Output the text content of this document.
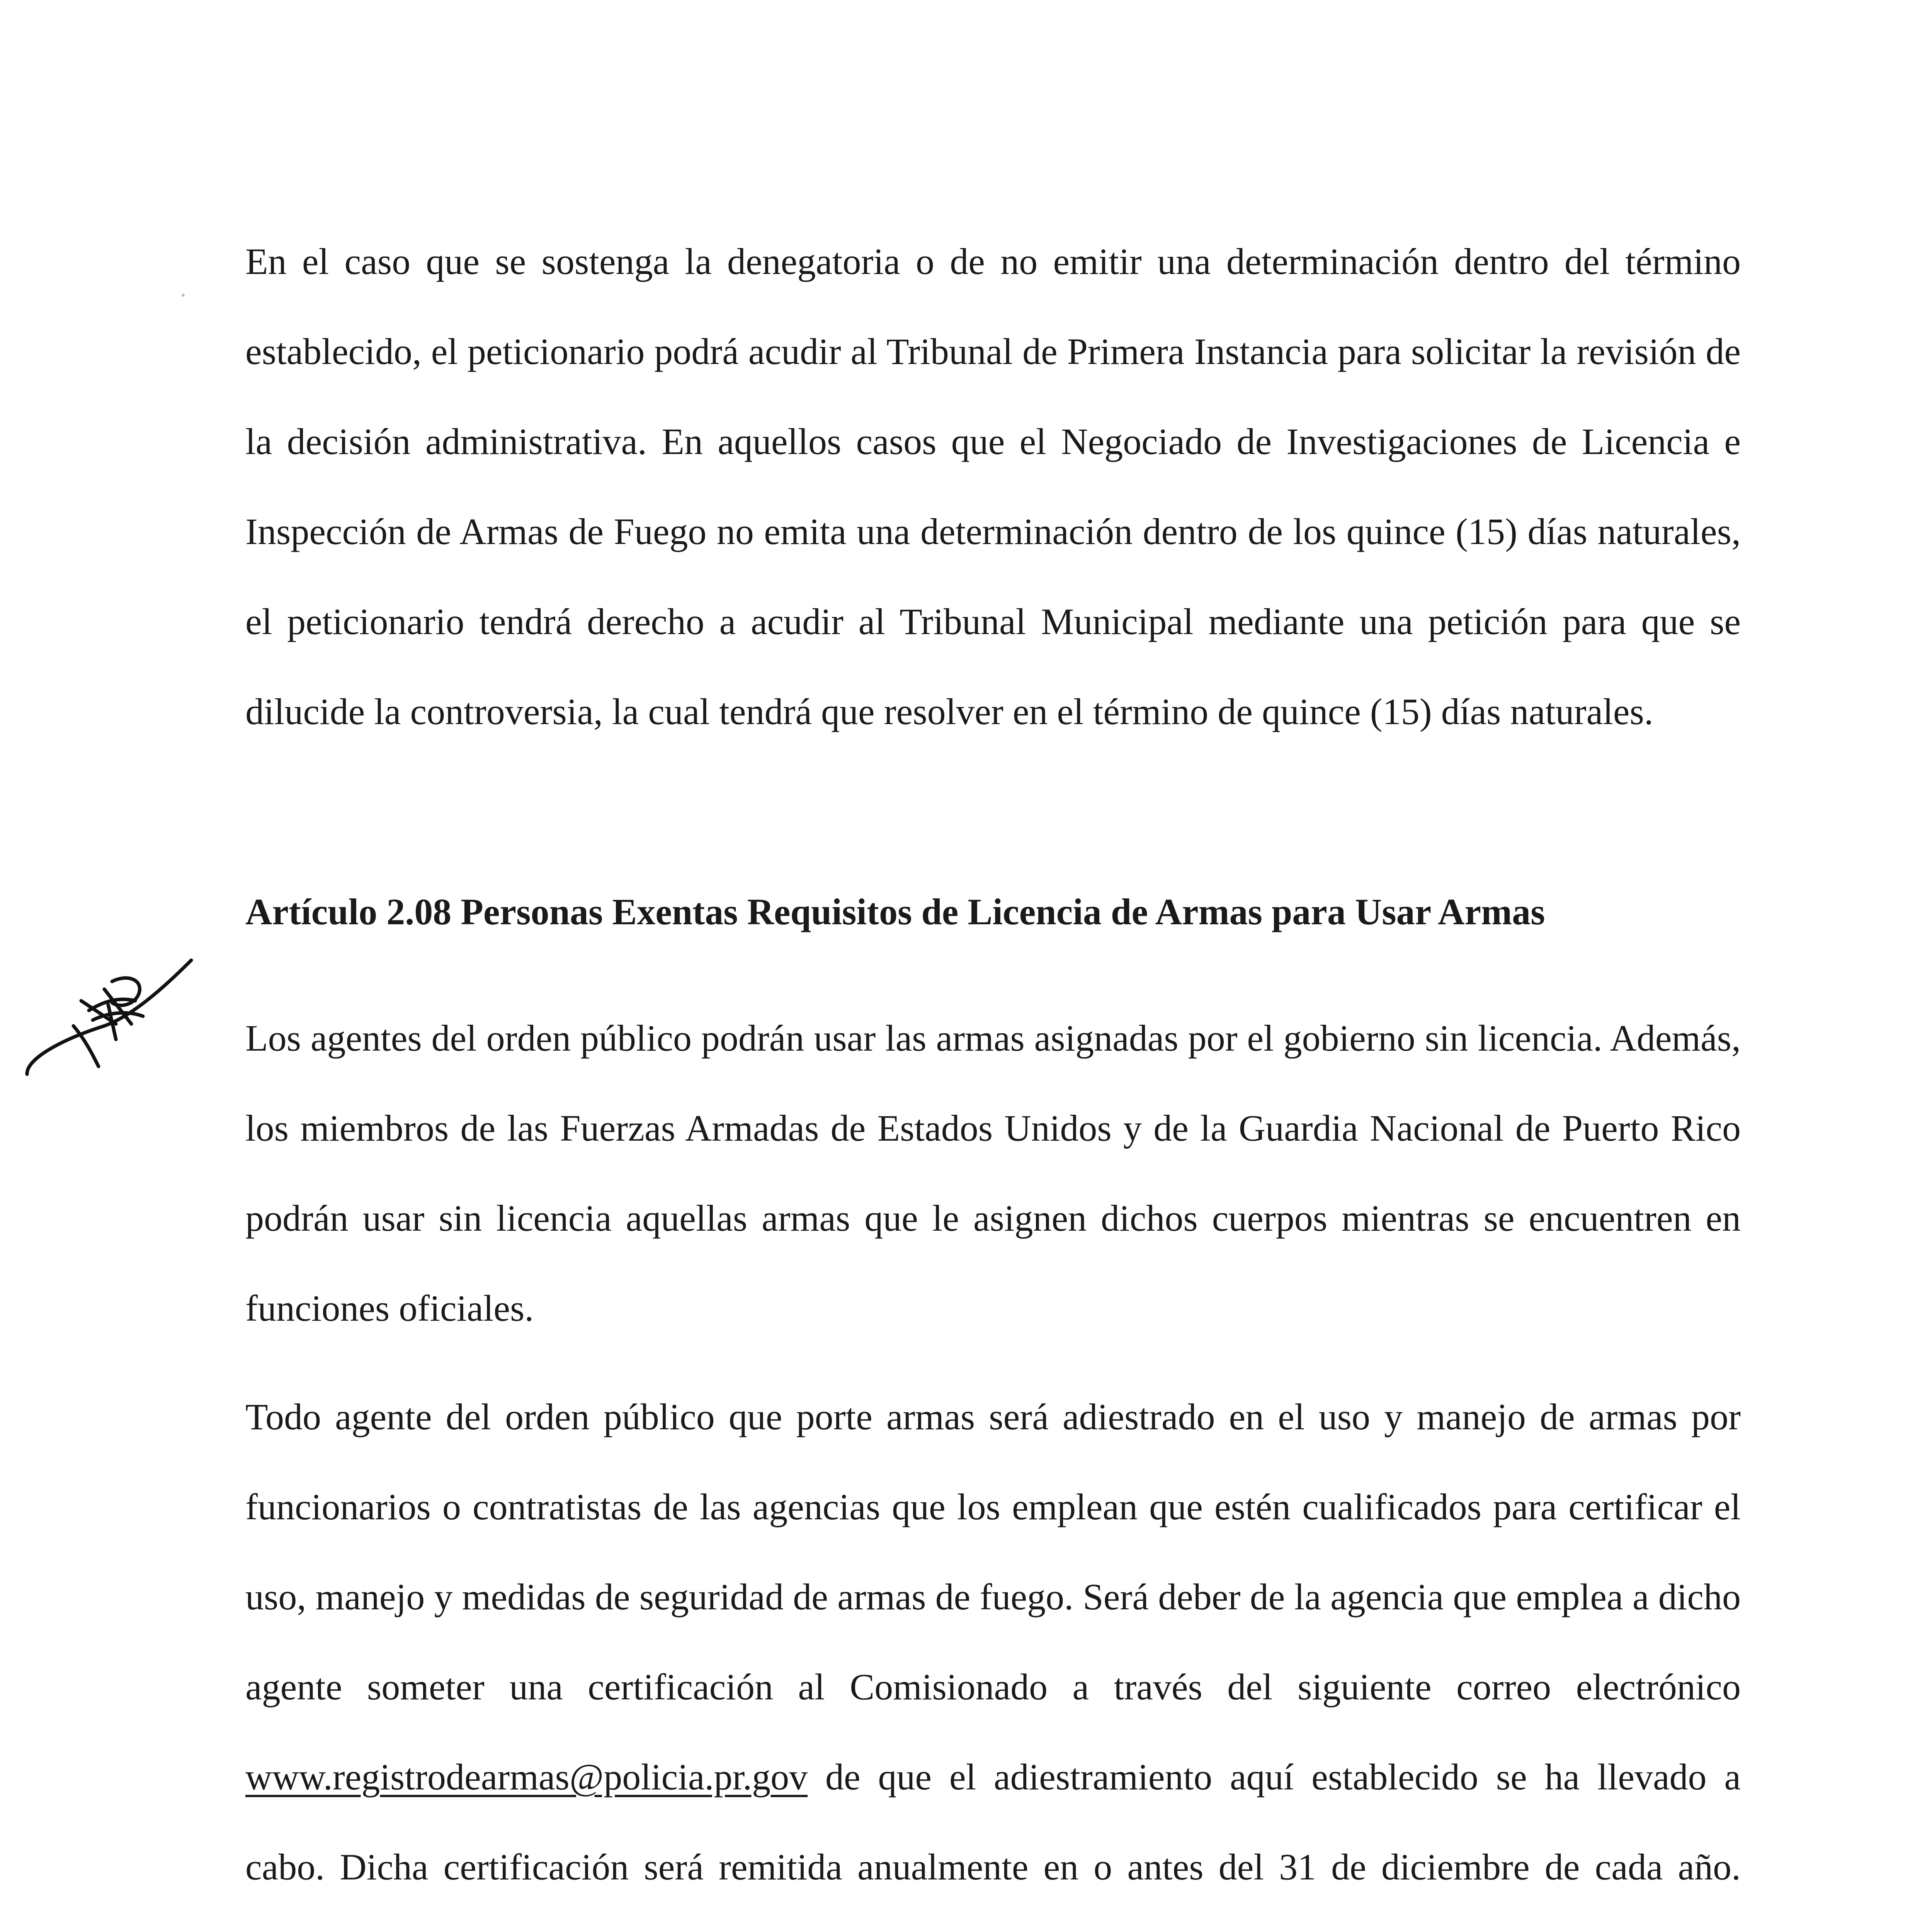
En el caso que se sostenga la denegatoria o de no emitir una determinación dentro del término establecido, el peticionario podrá acudir al Tribunal de Primera Instancia para solicitar la revisión de la decisión administrativa. En aquellos casos que el Negociado de Investigaciones de Licencia e Inspección de Armas de Fuego no emita una determinación dentro de los quince (15) días naturales, el peticionario tendrá derecho a acudir al Tribunal Municipal mediante una petición para que se dilucide la controversia, la cual tendrá que resolver en el término de quince (15) días naturales.

Artículo 2.08 Personas Exentas Requisitos de Licencia de Armas para Usar Armas

Los agentes del orden público podrán usar las armas asignadas por el gobierno sin licencia. Además, los miembros de las Fuerzas Armadas de Estados Unidos y de la Guardia Nacional de Puerto Rico podrán usar sin licencia aquellas armas que le asignen dichos cuerpos mientras se encuentren en funciones oficiales.

Todo agente del orden público que porte armas será adiestrado en el uso y manejo de armas por funcionarios o contratistas de las agencias que los emplean que estén cualificados para certificar el uso, manejo y medidas de seguridad de armas de fuego. Será deber de la agencia que emplea a dicho agente someter una certificación al Comisionado a través del siguiente correo electrónico www.registrodearmas@policia.pr.gov de que el adiestramiento aquí establecido se ha llevado a cabo. Dicha certificación será remitida anualmente en o antes del 31 de diciembre de cada año.
